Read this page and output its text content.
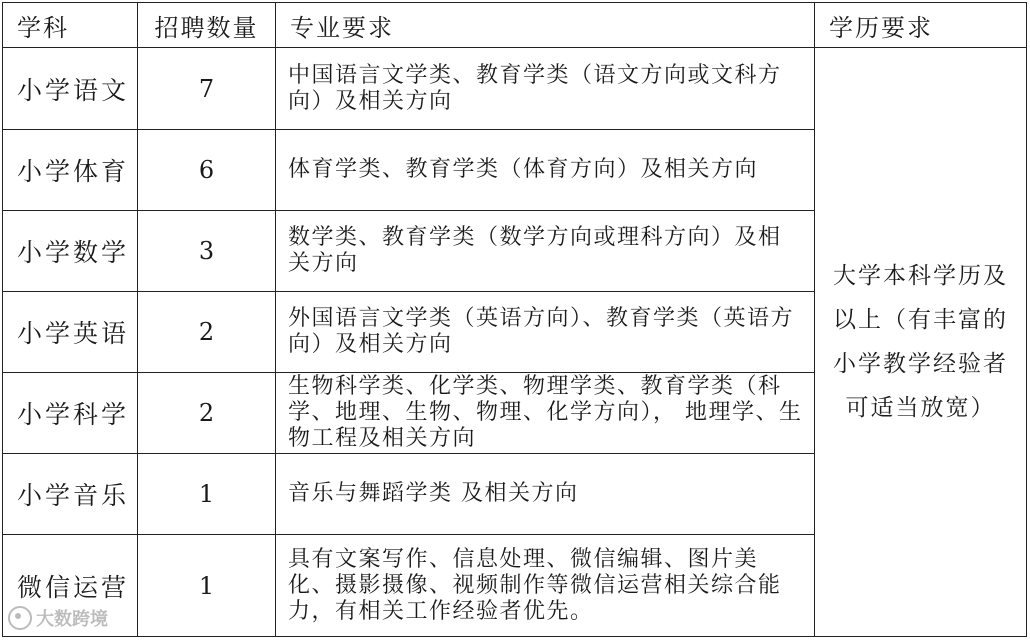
学科	招聘数量	专业要求	学历要求
小学语文	7	中国语言文学类、教育学类（语文方向或文科方向）及相关方向	大学本科学历及以上（有丰富的小学教学经验者可适当放宽）
小学体育	6	体育学类、教育学类（体育方向）及相关方向	
小学数学	3	数学类、教育学类（数学方向或理科方向）及相关方向	
小学英语	2	外国语言文学类（英语方向）、教育学类（英语方向）及相关方向	
小学科学	2	生物科学类、化学类、物理学类、教育学类（科学、地理、生物、物理、化学方向）， 地理学、生物工程及相关方向	
小学音乐	1	音乐与舞蹈学类 及相关方向	
微信运营	1	具有文案写作、信息处理、微信编辑、图片美化、摄影摄像、视频制作等微信运营相关综合能力，有相关工作经验者优先。	
大数跨境
